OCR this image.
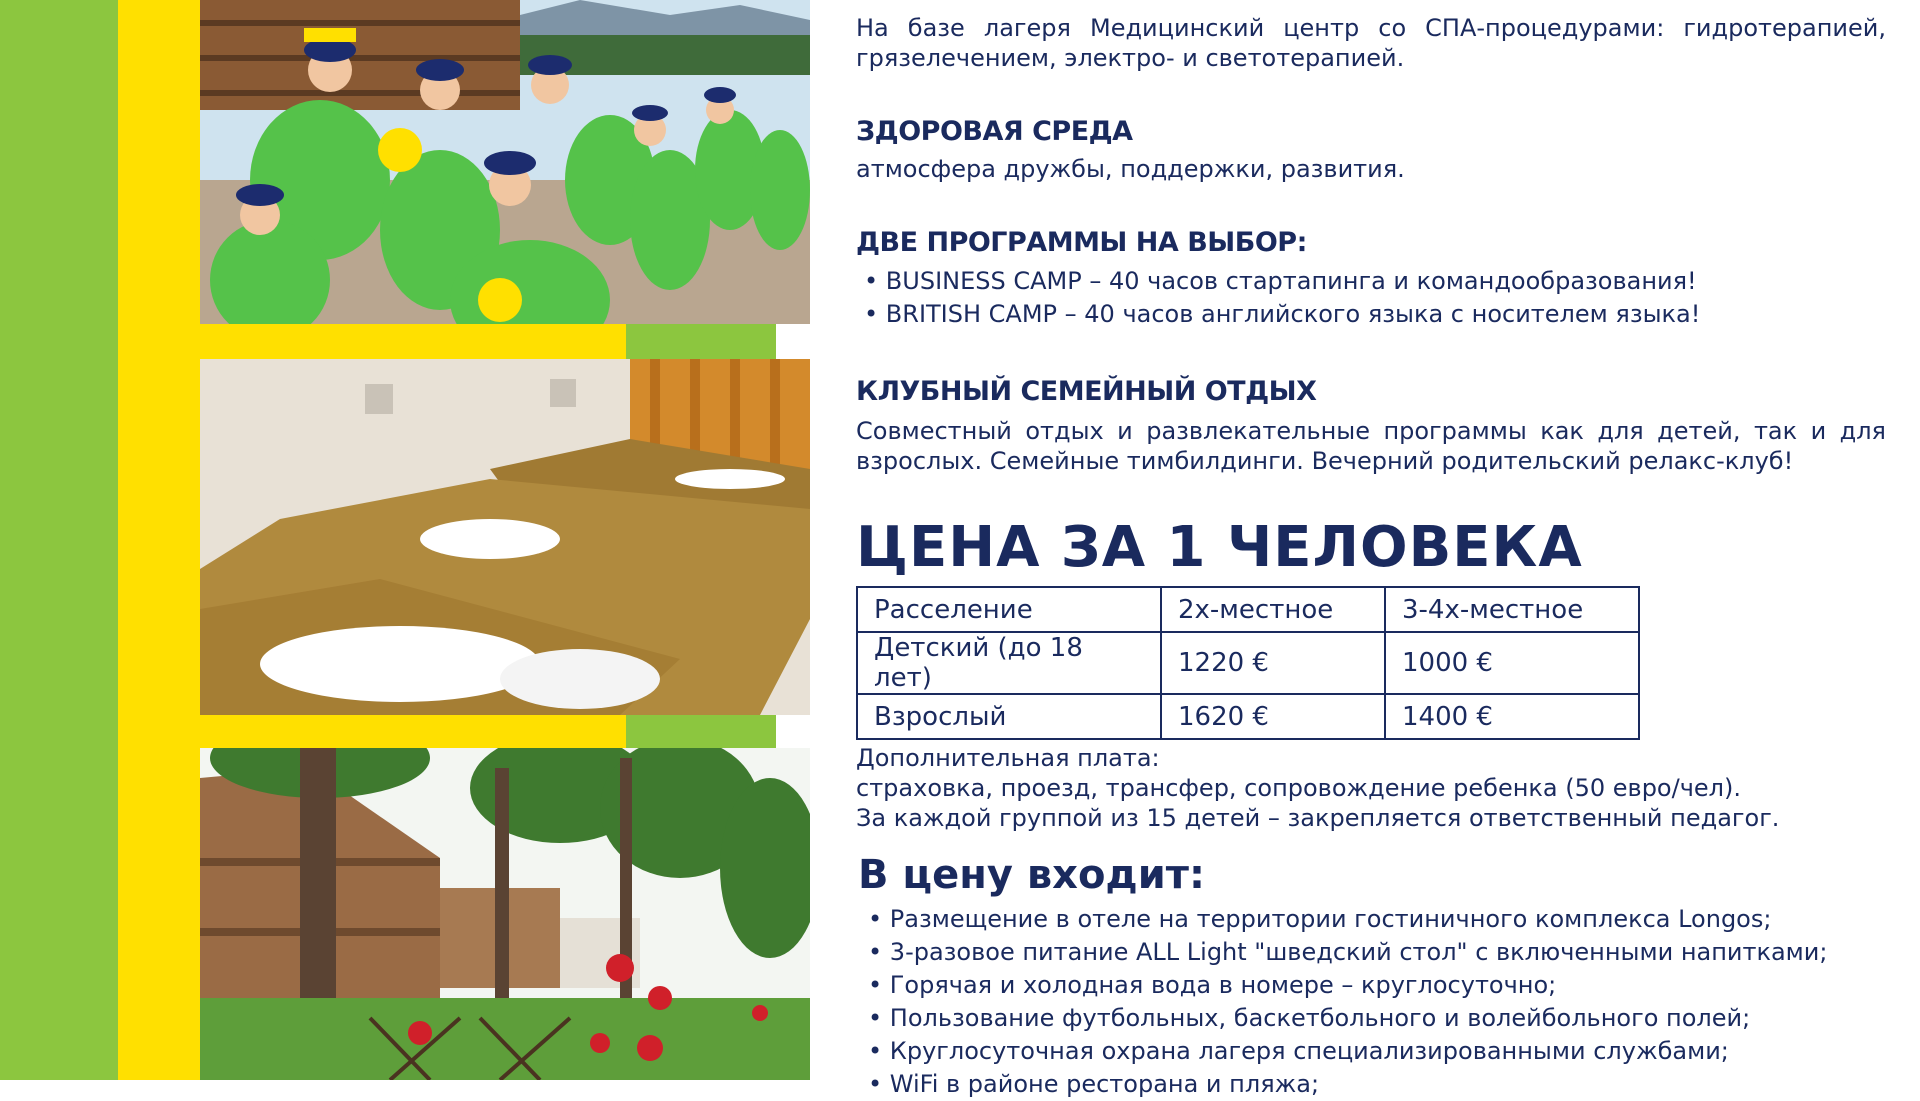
На базе лагеря Медицинский центр со СПА-процедурами: гидротерапией, грязелечением, электро- и светотерапией.
ЗДОРОВАЯ СРЕДА
атмосфера дружбы, поддержки, развития.
ДВЕ ПРОГРАММЫ НА ВЫБОР:
• BUSINESS CAMP – 40 часов стартапинга и командообразования!
• BRITISH CAMP – 40 часов английского языка с носителем языка!
КЛУБНЫЙ СЕМЕЙНЫЙ ОТДЫХ
Совместный отдых и развлекательные программы как для детей, так и для взрослых. Семейные тимбилдинги. Вечерний родительский релакс-клуб!
ЦЕНА ЗА 1 ЧЕЛОВЕКА
Расселение	2х-местное	3-4х-местное
Детский (до 18 лет)	1220 €	1000 €
Взрослый	1620 €	1400 €
Дополнительная плата:
страховка, проезд, трансфер, сопровождение ребенка (50 евро/чел).
За каждой группой из 15 детей – закрепляется ответственный педагог.
В цену входит:
• Размещение в отеле на территории гостиничного комплекса Longos;
• 3-разовое питание ALL Light "шведский стол" с включенными напитками;
• Горячая и холодная вода в номере – круглосуточно;
• Пользование футбольных, баскетбольного и волейбольного полей;
• Круглосуточная охрана лагеря специализированными службами;
• WiFi в районе ресторана и пляжа;
